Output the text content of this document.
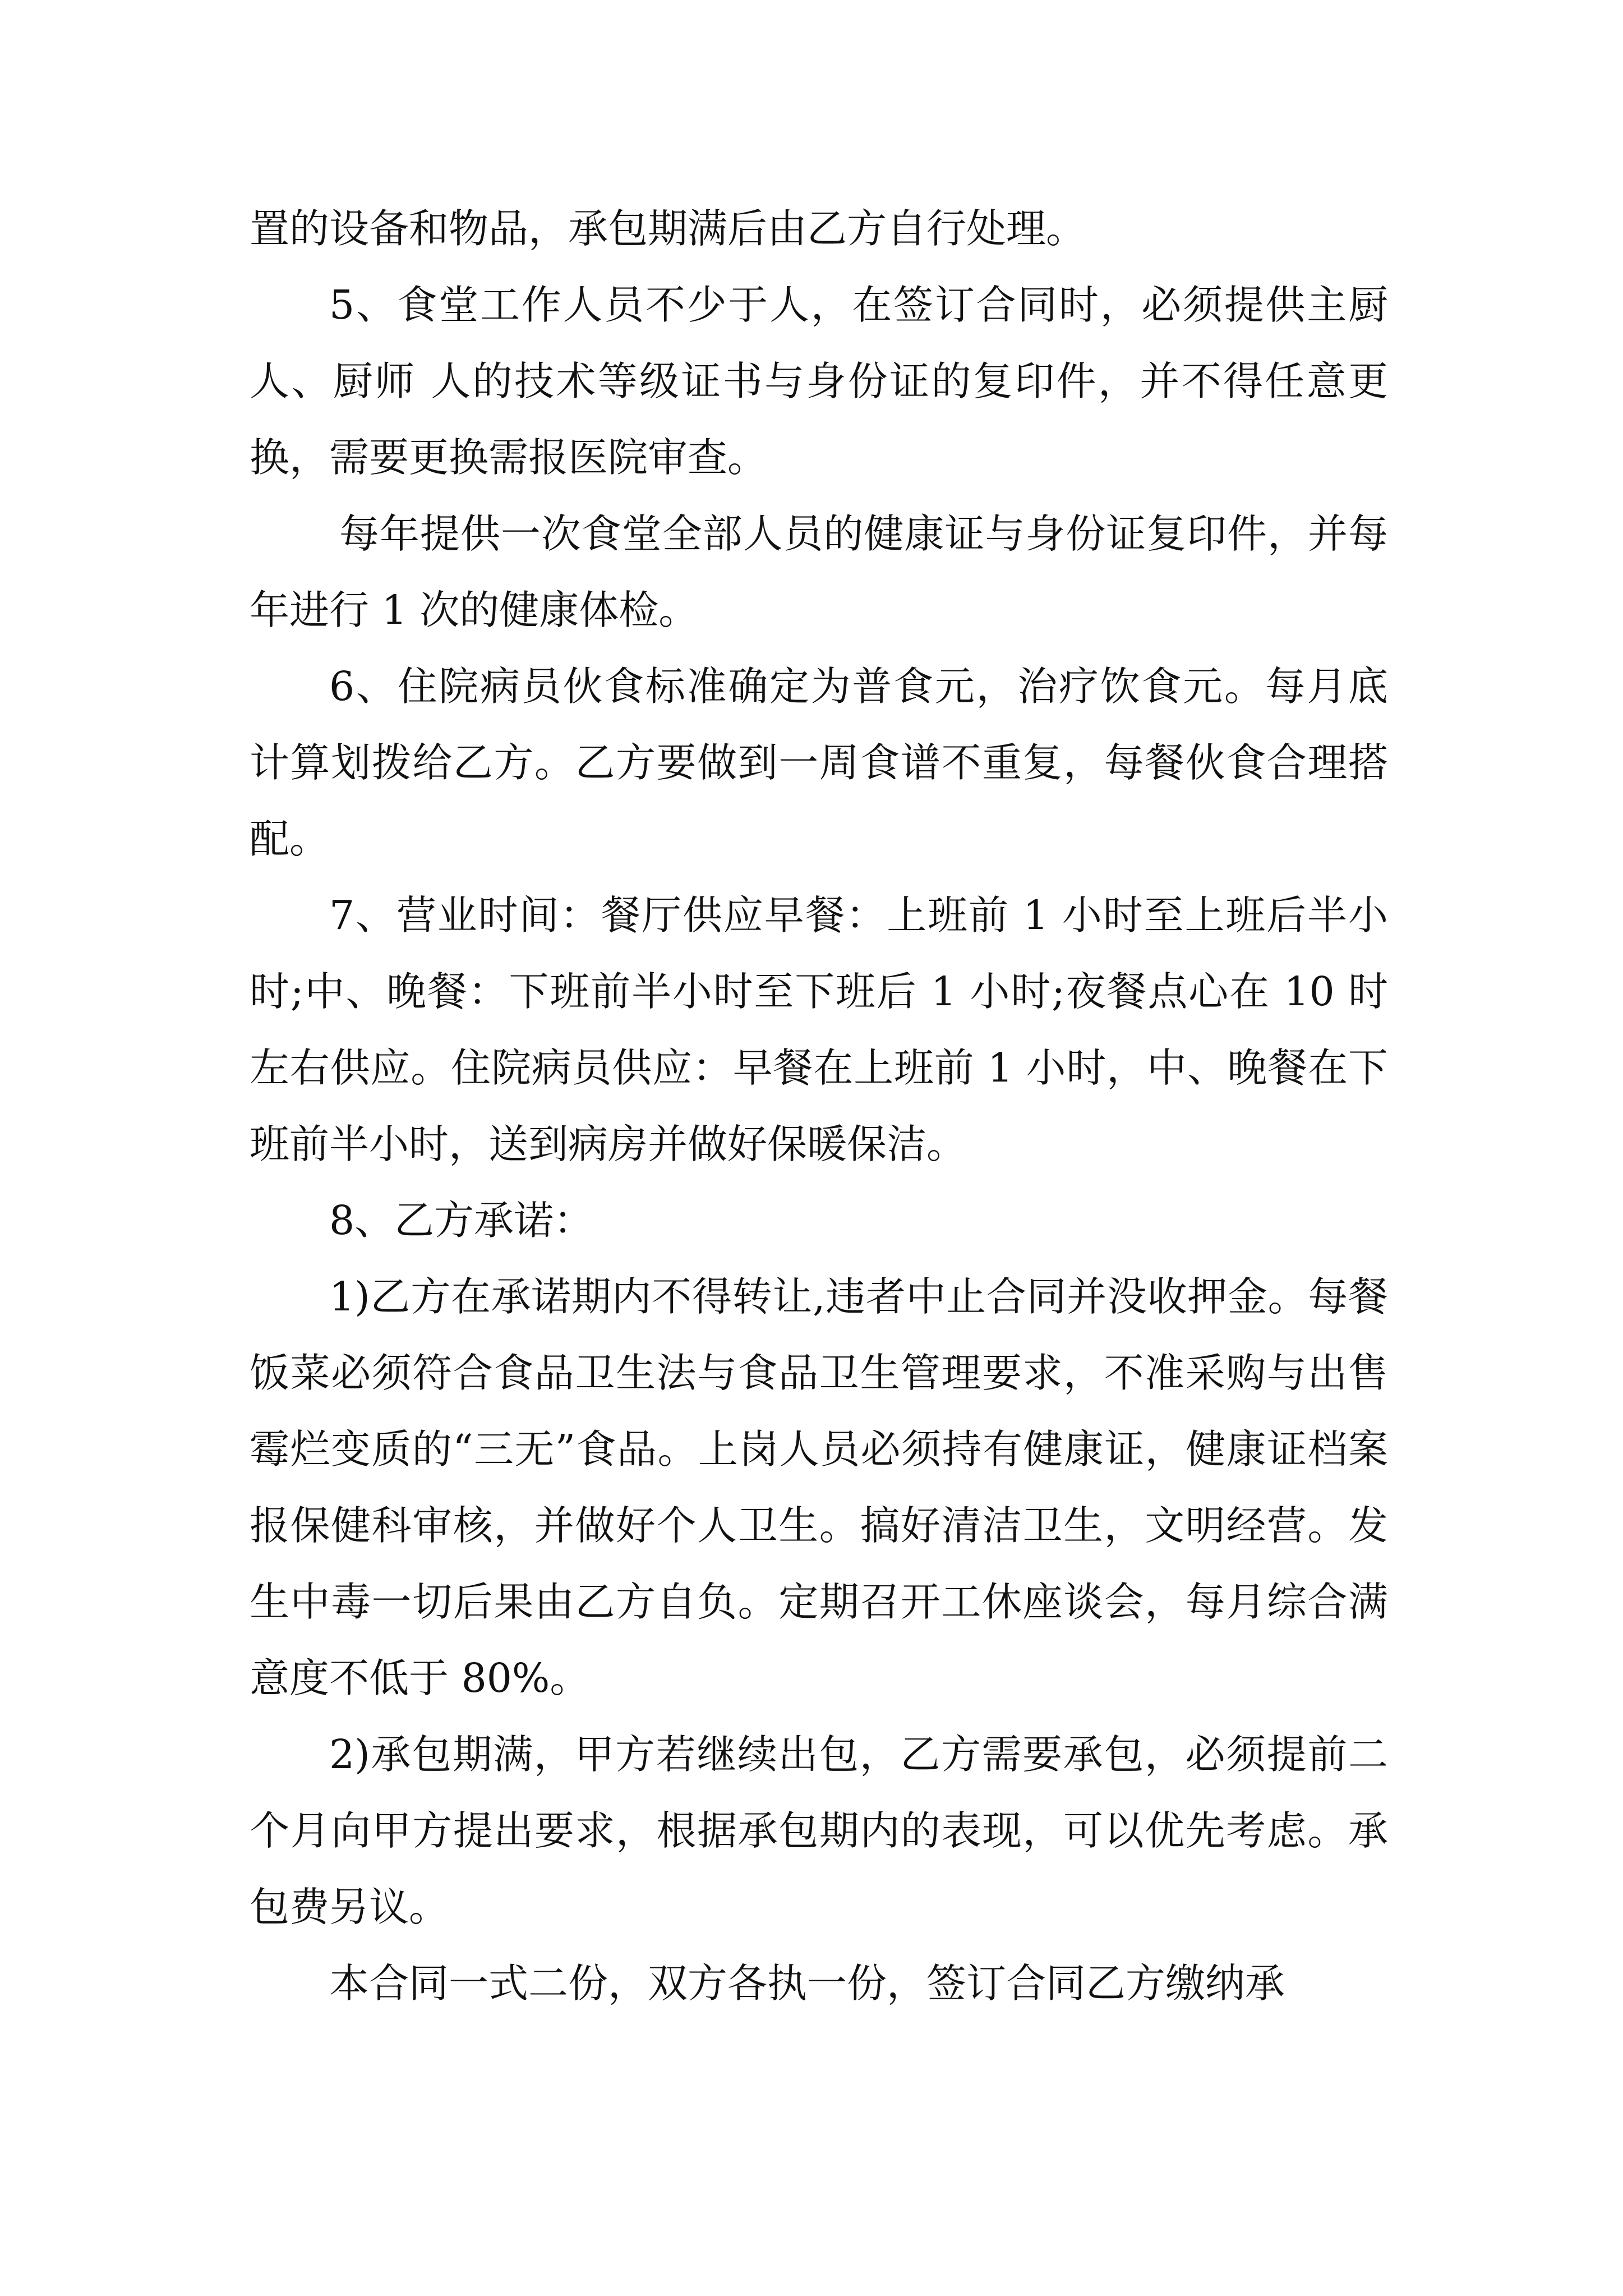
置的设备和物品，承包期满后由乙方自行处理。

5、食堂工作人员不少于人，在签订合同时，必须提供主厨 人、厨师 人的技术等级证书与身份证的复印件，并不得任意更换，需要更换需报医院审查。

每年提供一次食堂全部人员的健康证与身份证复印件，并每年进行 1 次的健康体检。

6、住院病员伙食标准确定为普食元，治疗饮食元。每月底计算划拨给乙方。乙方要做到一周食谱不重复，每餐伙食合理搭配。

7、营业时间：餐厅供应早餐：上班前 1 小时至上班后半小时;中、晚餐：下班前半小时至下班后 1 小时;夜餐点心在 10 时左右供应。住院病员供应：早餐在上班前 1 小时，中、晚餐在下班前半小时，送到病房并做好保暖保洁。

8、乙方承诺：

1)乙方在承诺期内不得转让,违者中止合同并没收押金。每餐饭菜必须符合食品卫生法与食品卫生管理要求，不准采购与出售霉烂变质的“三无”食品。上岗人员必须持有健康证，健康证档案报保健科审核，并做好个人卫生。搞好清洁卫生，文明经营。发生中毒一切后果由乙方自负。定期召开工休座谈会，每月综合满意度不低于 80%。

2)承包期满，甲方若继续出包，乙方需要承包，必须提前二个月向甲方提出要求，根据承包期内的表现，可以优先考虑。承包费另议。

本合同一式二份，双方各执一份，签订合同乙方缴纳承
